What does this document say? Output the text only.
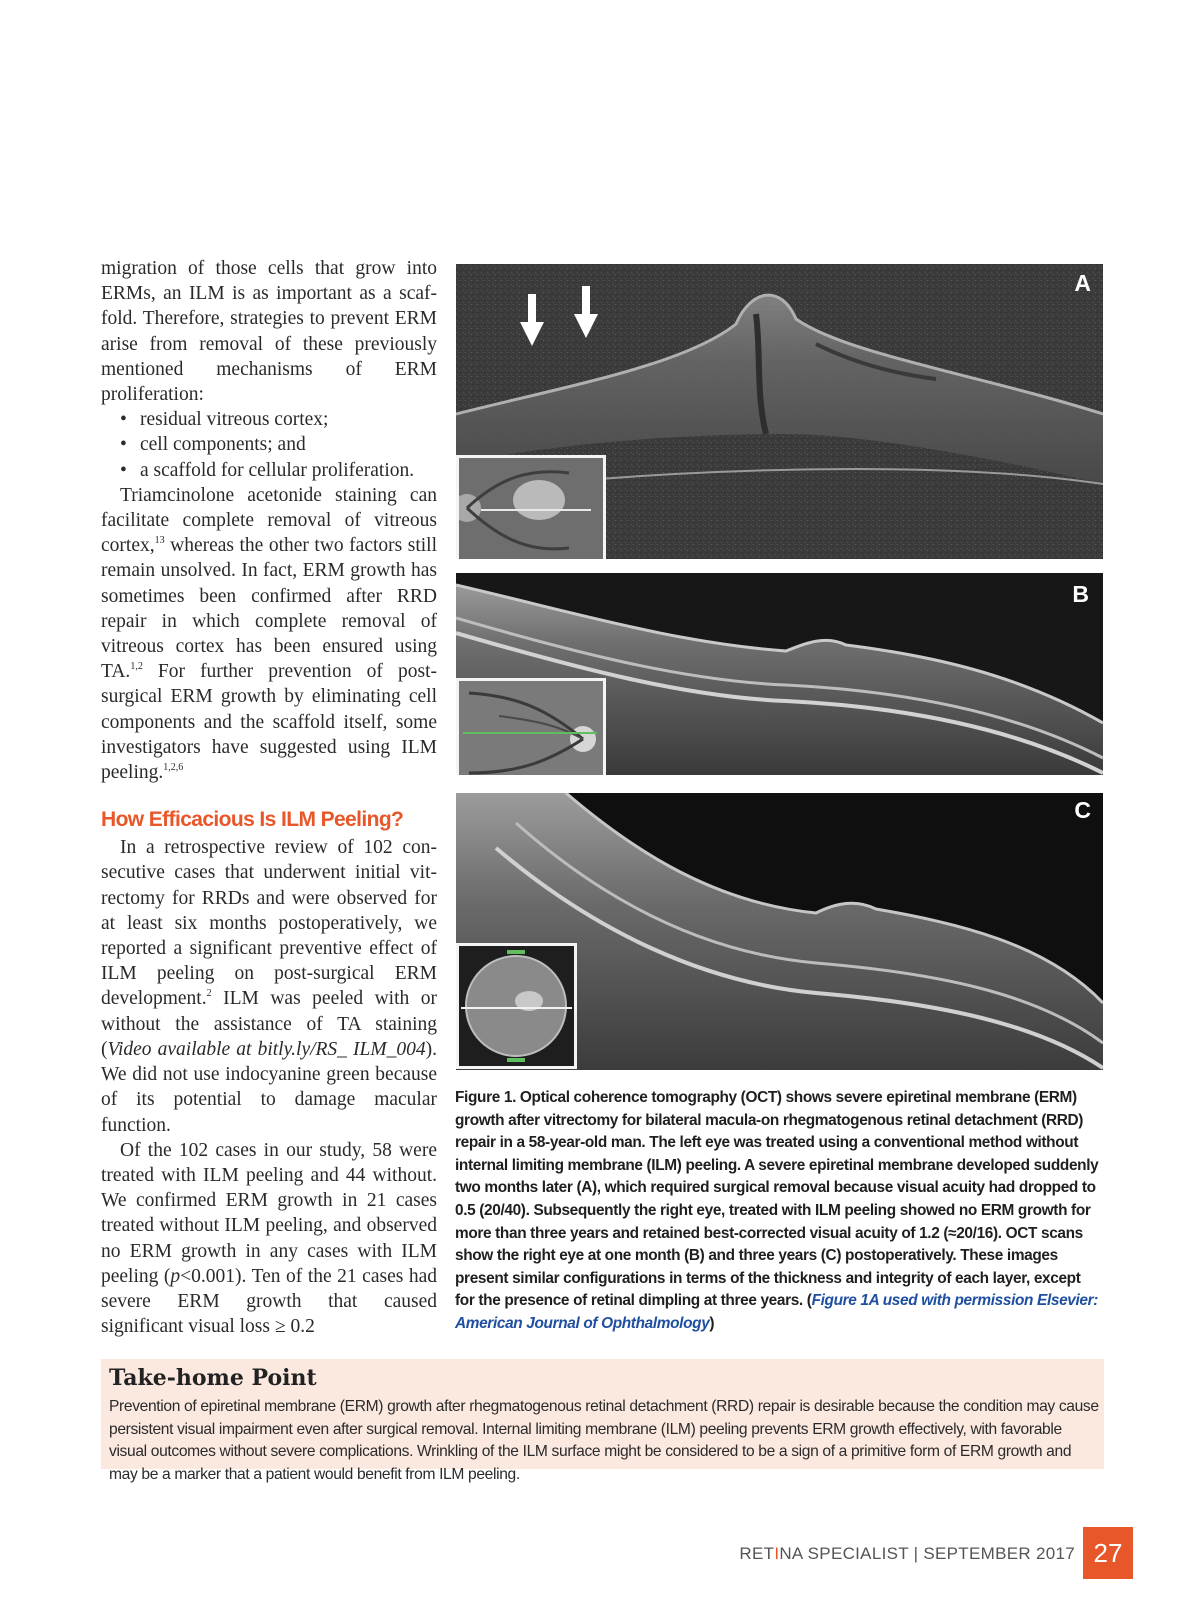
migration of those cells that grow into ERMs, an ILM is as important as a scaffold. Therefore, strategies to prevent ERM arise from removal of these previously mentioned mechanisms of ERM proliferation:

• residual vitreous cortex;
• cell components; and
• a scaffold for cellular proliferation.

Triamcinolone acetonide staining can facilitate complete removal of vitreous cortex,$^{13}$ whereas the other two factors still remain unsolved. In fact, ERM growth has sometimes been confirmed after RRD repair in which complete removal of vitreous cortex has been ensured using TA.$^{1,2}$ For further prevention of post-surgical ERM growth by eliminating cell components and the scaffold itself, some investigators have suggested using ILM peeling.$^{1,2,6}$

How Efficacious Is ILM Peeling?

In a retrospective review of 102 consecutive cases that underwent initial vitrectomy for RRDs and were observed for at least six months postoperatively, we reported a significant preventive effect of ILM peeling on post-surgical ERM development.$^2$ ILM was peeled with or without the assistance of TA staining (Video available at bitly.ly/RS_ ILM_004). We did not use indocyanine green because of its potential to damage macular function.

Of the 102 cases in our study, 58 were treated with ILM peeling and 44 without. We confirmed ERM growth in 21 cases treated without ILM peeling, and observed no ERM growth in any cases with ILM peeling (p<0.001). Ten of the 21 cases had severe ERM growth that caused significant visual loss ≥ 0.2

A
B
C
Figure 1. Optical coherence tomography (OCT) shows severe epiretinal membrane (ERM) growth after vitrectomy for bilateral macula-on rhegmatogenous retinal detachment (RRD) repair in a 58-year-old man. The left eye was treated using a conventional method without internal limiting membrane (ILM) peeling. A severe epiretinal membrane developed suddenly two months later (A), which required surgical removal because visual acuity had dropped to 0.5 (20/40). Subsequently the right eye, treated with ILM peeling showed no ERM growth for more than three years and retained best-corrected visual acuity of 1.2 (≈20/16). OCT scans show the right eye at one month (B) and three years (C) postoperatively. These images present similar configurations in terms of the thickness and integrity of each layer, except for the presence of retinal dimpling at three years. (Figure 1A used with permission Elsevier: American Journal of Ophthalmology)
Take-home Point

Prevention of epiretinal membrane (ERM) growth after rhegmatogenous retinal detachment (RRD) repair is desirable because the condition may cause persistent visual impairment even after surgical removal. Internal limiting membrane (ILM) peeling prevents ERM growth effectively, with favorable visual outcomes without severe complications. Wrinkling of the ILM surface might be considered to be a sign of a primitive form of ERM growth and may be a marker that a patient would benefit from ILM peeling.

RETINA SPECIALIST | SEPTEMBER 2017 27
